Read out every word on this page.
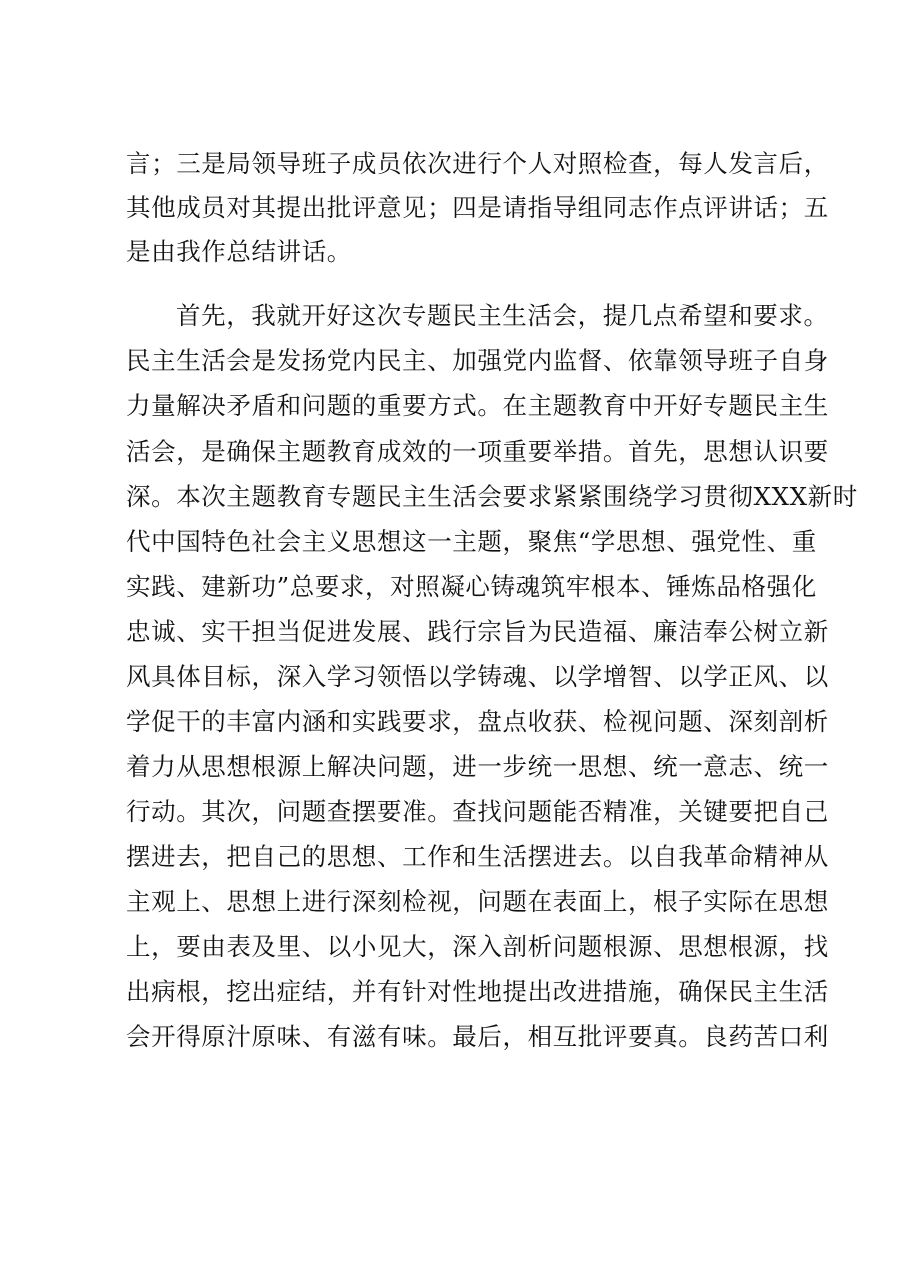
言；三是局领导班子成员依次进行个人对照检查，每人发言后，
其他成员对其提出批评意见；四是请指导组同志作点评讲话；五
是由我作总结讲话。
首先，我就开好这次专题民主生活会，提几点希望和要求。
民主生活会是发扬党内民主、加强党内监督、依靠领导班子自身
力量解决矛盾和问题的重要方式。在主题教育中开好专题民主生
活会，是确保主题教育成效的一项重要举措。首先，思想认识要
深。本次主题教育专题民主生活会要求紧紧围绕学习贯彻XXX新时
代中国特色社会主义思想这一主题，聚焦“学思想、强党性、重
实践、建新功”总要求，对照凝心铸魂筑牢根本、锤炼品格强化
忠诚、实干担当促进发展、践行宗旨为民造福、廉洁奉公树立新
风具体目标，深入学习领悟以学铸魂、以学增智、以学正风、以
学促干的丰富内涵和实践要求，盘点收获、检视问题、深刻剖析
着力从思想根源上解决问题，进一步统一思想、统一意志、统一
行动。其次，问题查摆要准。查找问题能否精准，关键要把自己
摆进去，把自己的思想、工作和生活摆进去。以自我革命精神从
主观上、思想上进行深刻检视，问题在表面上，根子实际在思想
上，要由表及里、以小见大，深入剖析问题根源、思想根源，找
出病根，挖出症结，并有针对性地提出改进措施，确保民主生活
会开得原汁原味、有滋有味。最后，相互批评要真。良药苦口利
